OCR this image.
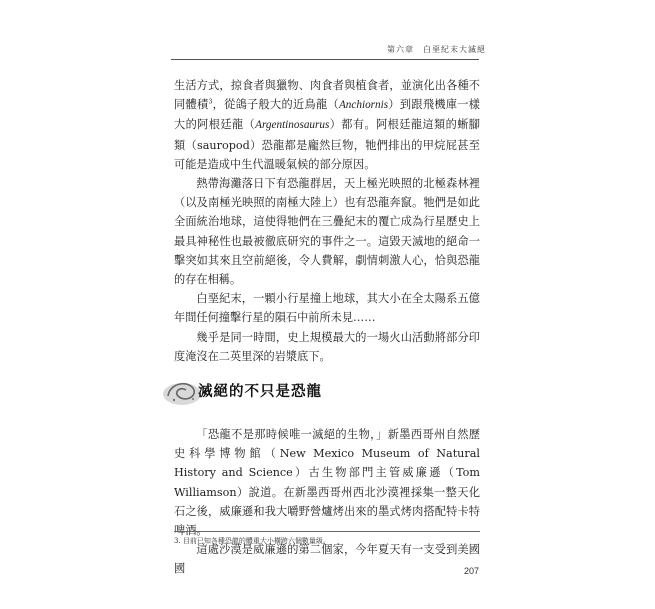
第六章　白堊紀末大滅絕

生活方式，掠食者與獵物、肉食者與植食者，並演化出各種不同體積$^3$，從鴿子般大的近鳥龍（Anchiornis）到跟飛機庫一樣大的阿根廷龍（Argentinosaurus）都有。阿根廷龍這類的蜥腳類（sauropod）恐龍都是龐然巨物，牠們排出的甲烷屁甚至可能是造成中生代溫暖氣候的部分原因。

熱帶海灘落日下有恐龍群居，天上極光映照的北極森林裡（以及南極光映照的南極大陸上）也有恐龍奔竄。牠們是如此全面統治地球，這使得牠們在三疊紀末的覆亡成為行星歷史上最具神秘性也最被徹底研究的事件之一。這毀天滅地的絕命一擊突如其來且空前絕後，令人費解，劇情刺激人心，恰與恐龍的存在相稱。

白堊紀末，一顆小行星撞上地球，其大小在全太陽系五億年間任何撞擊行星的隕石中前所未見……

幾乎是同一時間，史上規模最大的一場火山活動將部分印度淹沒在二英里深的岩漿底下。

滅絕的不只是恐龍

「恐龍不是那時候唯一滅絕的生物，」新墨西哥州自然歷史科學博物館（New Mexico Museum of Natural History and Science）古生物部門主管威廉遜（Tom Williamson）說道。在新墨西哥州西北沙漠裡採集一整天化石之後，威廉遜和我大嚼野營爐烤出來的墨式烤肉搭配特卡特啤酒。

這處沙漠是威廉遜的第二個家，今年夏天有一支受到美國國

3. 目前已知各種恐龍的體重大小橫跨六個數量級。
207
